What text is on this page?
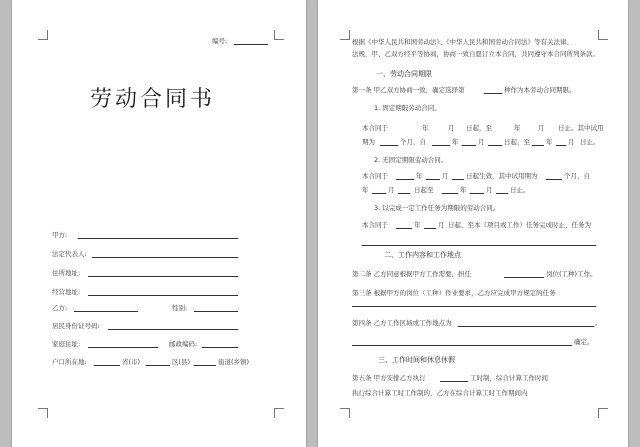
编号:
劳动合同书
甲方:
法定代表人:
住所地址:
经营地址:
乙方:	性别:
居民身份证号码:
家庭住址:	邮政编码:
户口所在地:	省(市)	区(县)	街道(乡镇)
根据《中华人民共和国劳动法》、《中华人民共和国劳动合同法》等有关法律、
法规，甲、乙双方经平等协商，协商一致自愿订立本合同，共同遵守本合同所列条款。
一、劳动合同期限
第一条 甲乙双方协商一致，确定选择第	种作为本劳动合同期限。
1. 固定期限劳动合同。
本合同于	年	月 日起，至	年	月 日止。其中试用
期为	个月，自	年	月	日起，至 年 月 日止。
2. 无固定期限劳动合同。
本合同于	年	月	日起生效，其中试用期为	个月，自
年	月	日起至	年	月	日止。
3. 以完成一定工作任务为期限的劳动合同。
本合同于	年	月 日起，至本（项目或工作）任务完成时止，任务为
二、工作内容和工作地点
第二条 乙方同意根据甲方工作需要，担任	岗位(工种)工作。
第三条 根据甲方的岗位（工种）作业要求，乙方应完成甲方规定的任务
第四条 乙方工作区域或工作地点为	。
确定。
三、工作时间和休息休假
第五条 甲方安排乙方执行	工时制，综合计算工作时间
执行综合计算工时工作制的，乙方在综合计算工时工作期间内
